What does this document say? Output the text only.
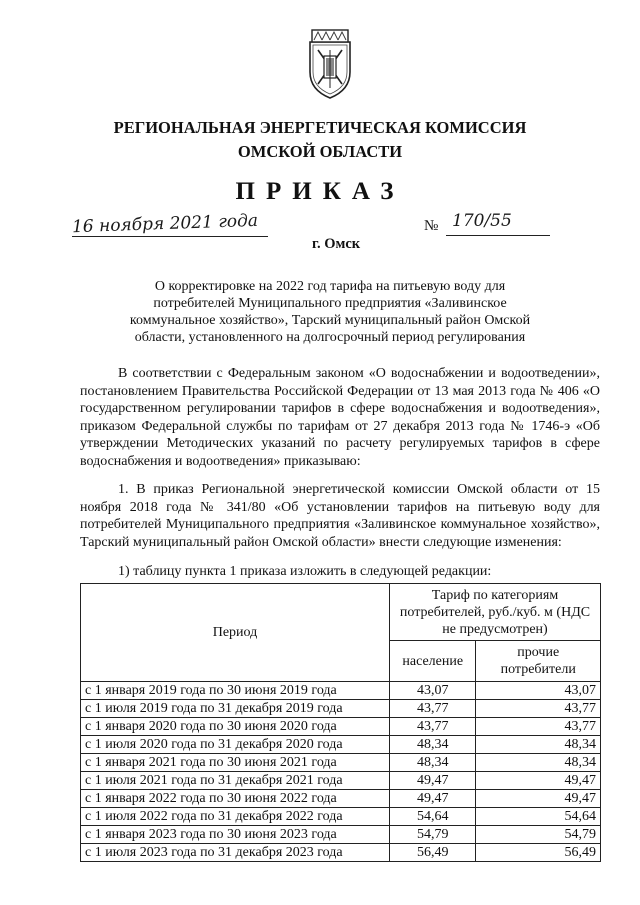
РЕГИОНАЛЬНАЯ ЭНЕРГЕТИЧЕСКАЯ КОМИССИЯ
ОМСКОЙ ОБЛАСТИ
ПРИКАЗ
16 ноября 2021 года	№ 170/55
г. Омск
О корректировке на 2022 год тарифа на питьевую воду для потребителей Муниципального предприятия «Заливинское коммунальное хозяйство», Тарский муниципальный район Омской области, установленного на долгосрочный период регулирования
В соответствии с Федеральным законом «О водоснабжении и водоотведении», постановлением Правительства Российской Федерации от 13 мая 2013 года № 406 «О государственном регулировании тарифов в сфере водоснабжения и водоотведения», приказом Федеральной службы по тарифам от 27 декабря 2013 года № 1746-э «Об утверждении Методических указаний по расчету регулируемых тарифов в сфере водоснабжения и водоотведения» приказываю:
1. В приказ Региональной энергетической комиссии Омской области от 15 ноября 2018 года № 341/80 «Об установлении тарифов на питьевую воду для потребителей Муниципального предприятия «Заливинское коммунальное хозяйство», Тарский муниципальный район Омской области» внести следующие изменения:
1) таблицу пункта 1 приказа изложить в следующей редакции:
Период	Тариф по категориям потребителей, руб./куб. м (НДС не предусмотрен)	
	население	прочие потребители
с 1 января 2019 года по 30 июня 2019 года	43,07	43,07
с 1 июля 2019 года по 31 декабря 2019 года	43,77	43,77
с 1 января 2020 года по 30 июня 2020 года	43,77	43,77
с 1 июля 2020 года по 31 декабря 2020 года	48,34	48,34
с 1 января 2021 года по 30 июня 2021 года	48,34	48,34
с 1 июля 2021 года по 31 декабря 2021 года	49,47	49,47
с 1 января 2022 года по 30 июня 2022 года	49,47	49,47
с 1 июля 2022 года по 31 декабря 2022 года	54,64	54,64
с 1 января 2023 года по 30 июня 2023 года	54,79	54,79
с 1 июля 2023 года по 31 декабря 2023 года	56,49	56,49
